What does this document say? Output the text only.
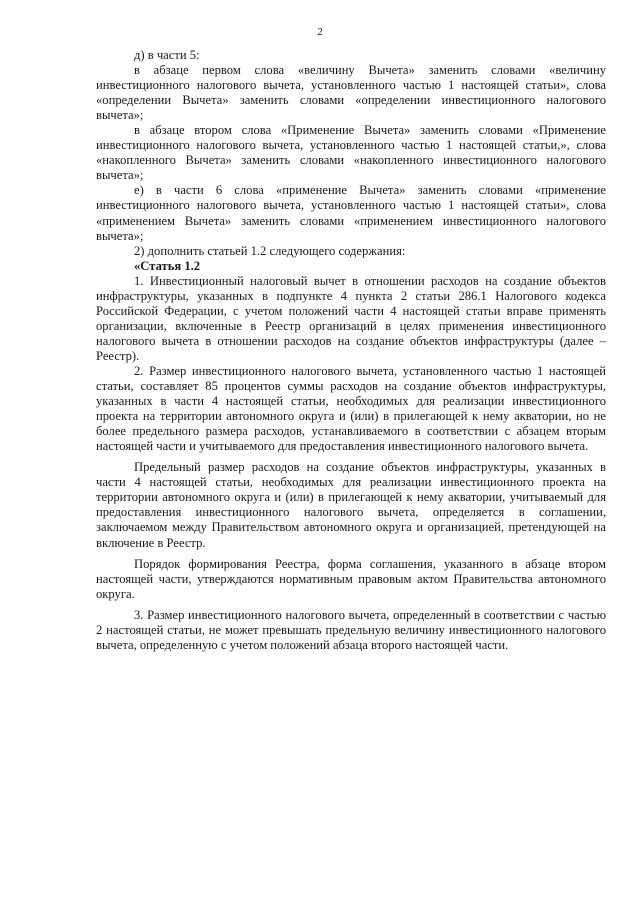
2

д) в части 5:

в абзаце первом слова «величину Вычета» заменить словами «величину инвестиционного налогового вычета, установленного частью 1 настоящей статьи», слова «определении Вычета» заменить словами «определении инвестиционного налогового вычета»;

в абзаце втором слова «Применение Вычета» заменить словами «Применение инвестиционного налогового вычета, установленного частью 1 настоящей статьи,», слова «накопленного Вычета» заменить словами «накопленного инвестиционного налогового вычета»;

е) в части 6 слова «применение Вычета» заменить словами «применение инвестиционного налогового вычета, установленного частью 1 настоящей статьи», слова «применением Вычета» заменить словами «применением инвестиционного налогового вычета»;

2) дополнить статьей 1.2 следующего содержания:

«Статья 1.2

1. Инвестиционный налоговый вычет в отношении расходов на создание объектов инфраструктуры, указанных в подпункте 4 пункта 2 статьи 286.1 Налогового кодекса Российской Федерации, с учетом положений части 4 настоящей статьи вправе применять организации, включенные в Реестр организаций в целях применения инвестиционного налогового вычета в отношении расходов на создание объектов инфраструктуры (далее – Реестр).

2. Размер инвестиционного налогового вычета, установленного частью 1 настоящей статьи, составляет 85 процентов суммы расходов на создание объектов инфраструктуры, указанных в части 4 настоящей статьи, необходимых для реализации инвестиционного проекта на территории автономного округа и (или) в прилегающей к нему акватории, но не более предельного размера расходов, устанавливаемого в соответствии с абзацем вторым настоящей части и учитываемого для предоставления инвестиционного налогового вычета.

Предельный размер расходов на создание объектов инфраструктуры, указанных в части 4 настоящей статьи, необходимых для реализации инвестиционного проекта на территории автономного округа и (или) в прилегающей к нему акватории, учитываемый для предоставления инвестиционного налогового вычета, определяется в соглашении, заключаемом между Правительством автономного округа и организацией, претендующей на включение в Реестр.

Порядок формирования Реестра, форма соглашения, указанного в абзаце втором настоящей части, утверждаются нормативным правовым актом Правительства автономного округа.

3. Размер инвестиционного налогового вычета, определенный в соответствии с частью 2 настоящей статьи, не может превышать предельную величину инвестиционного налогового вычета, определенную с учетом положений абзаца второго настоящей части.
